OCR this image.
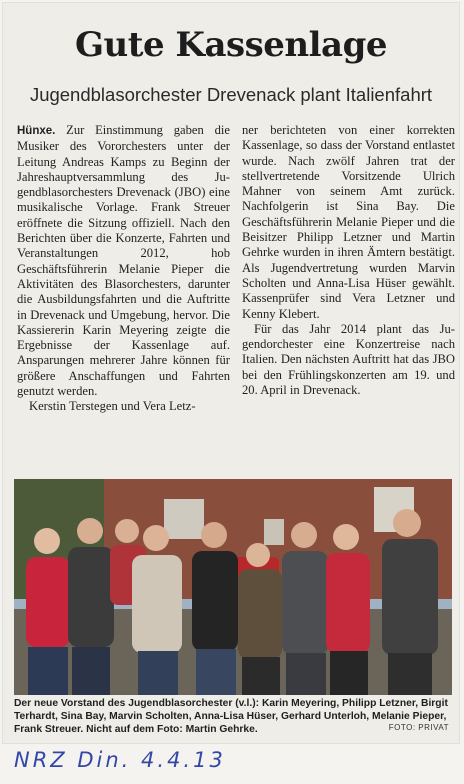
Gute Kassenlage
Jugendblasorchester Drevenack plant Italienfahrt

Hünxe. Zur Einstimmung gaben die Musiker des Vororchesters unter der Leitung Andreas Kamps zu Beginn der Jahreshauptversammlung des Jugendblasorchesters Drevenack (JBO) eine musikalische Vorlage. Frank Streuer eröffnete die Sitzung offiziell. Nach den Berichten über die Konzerte, Fahrten und Veranstaltungen 2012, hob Geschäftsführerin Melanie Pieper die Aktivitäten des Blasorchesters, darunter die Ausbildungsfahrten und die Auftritte in Drevenack und Umgebung, hervor. Die Kassiererin Karin Meyering zeigte die Ergebnisse der Kassenlage auf. Ansparungen mehrerer Jahre können für größere Anschaffungen und Fahrten genutzt werden.

Kerstin Terstegen und Vera Letz-

ner berichteten von einer korrekten Kassenlage, so dass der Vorstand entlastet wurde. Nach zwölf Jahren trat der stellvertretende Vorsitzende Ulrich Mahner von seinem Amt zurück. Nachfolgerin ist Sina Bay. Die Geschäftsführerin Melanie Pieper und die Beisitzer Philipp Letzner und Martin Gehrke wurden in ihren Ämtern bestätigt. Als Jugendvertretung wurden Marvin Scholten und Anna-Lisa Hüser gewählt. Kassenprüfer sind Vera Letzner und Kenny Klebert.

Für das Jahr 2014 plant das Jugendorchester eine Konzertreise nach Italien. Den nächsten Auftritt hat das JBO bei den Frühlingskonzerten am 19. und 20. April in Drevenack.

Der neue Vorstand des Jugendblasorchester (v.l.): Karin Meyering, Philipp Letzner, Birgit Terhardt, Sina Bay, Marvin Scholten, Anna-Lisa Hüser, Gerhard Unterloh, Melanie Pieper, Frank Streuer. Nicht auf dem Foto: Martin Gehrke.	FOTO: PRIVAT
NRZ Din. 4.4.13
